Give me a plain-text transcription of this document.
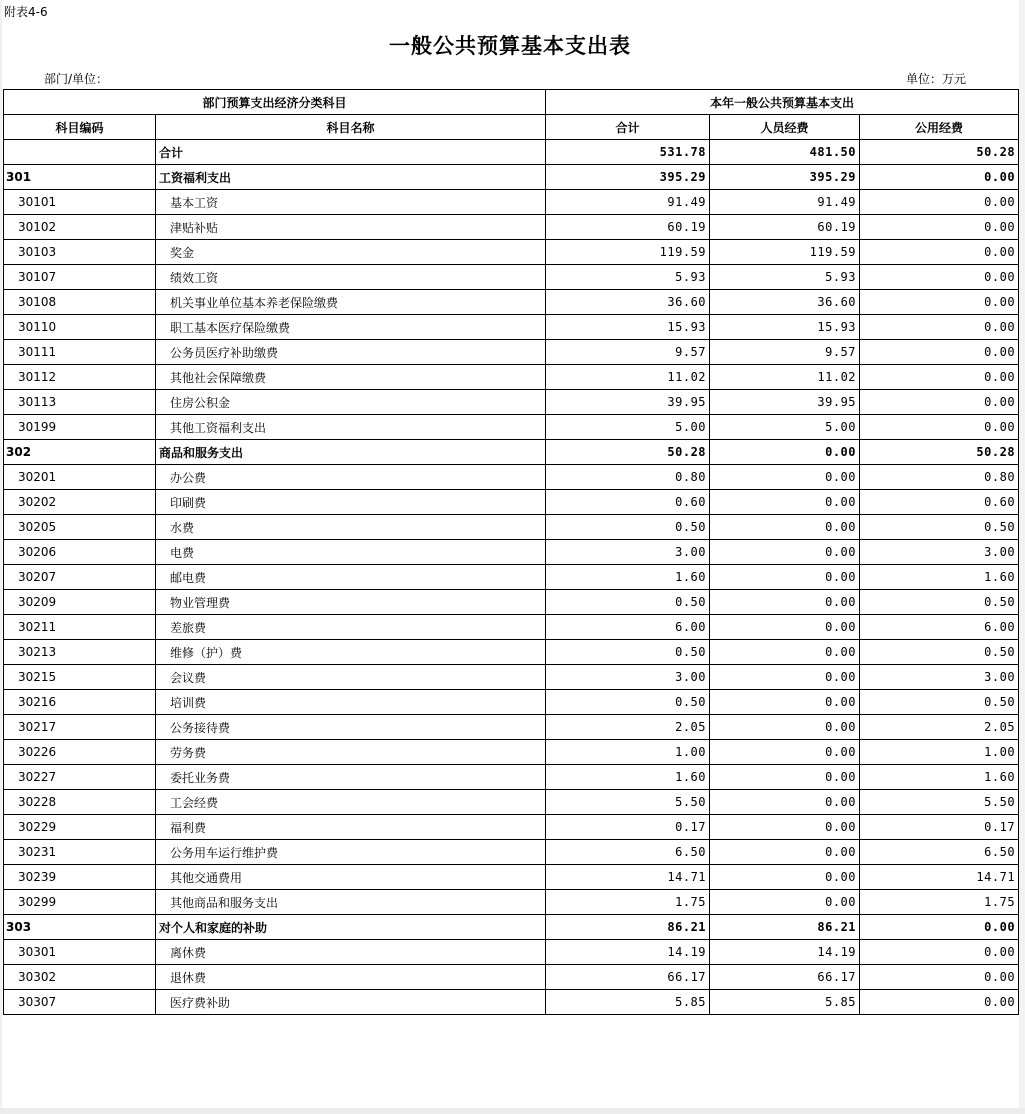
附表4-6
一般公共预算基本支出表
部门/单位：	单位：万元
部门预算支出经济分类科目		本年一般公共预算基本支出		
科目编码	科目名称	合计	人员经费	公用经费
	合计	531.78	481.50	50.28
301	工资福利支出	395.29	395.29	0.00
30101	基本工资	91.49	91.49	0.00
30102	津贴补贴	60.19	60.19	0.00
30103	奖金	119.59	119.59	0.00
30107	绩效工资	5.93	5.93	0.00
30108	机关事业单位基本养老保险缴费	36.60	36.60	0.00
30110	职工基本医疗保险缴费	15.93	15.93	0.00
30111	公务员医疗补助缴费	9.57	9.57	0.00
30112	其他社会保障缴费	11.02	11.02	0.00
30113	住房公积金	39.95	39.95	0.00
30199	其他工资福利支出	5.00	5.00	0.00
302	商品和服务支出	50.28	0.00	50.28
30201	办公费	0.80	0.00	0.80
30202	印刷费	0.60	0.00	0.60
30205	水费	0.50	0.00	0.50
30206	电费	3.00	0.00	3.00
30207	邮电费	1.60	0.00	1.60
30209	物业管理费	0.50	0.00	0.50
30211	差旅费	6.00	0.00	6.00
30213	维修（护）费	0.50	0.00	0.50
30215	会议费	3.00	0.00	3.00
30216	培训费	0.50	0.00	0.50
30217	公务接待费	2.05	0.00	2.05
30226	劳务费	1.00	0.00	1.00
30227	委托业务费	1.60	0.00	1.60
30228	工会经费	5.50	0.00	5.50
30229	福利费	0.17	0.00	0.17
30231	公务用车运行维护费	6.50	0.00	6.50
30239	其他交通费用	14.71	0.00	14.71
30299	其他商品和服务支出	1.75	0.00	1.75
303	对个人和家庭的补助	86.21	86.21	0.00
30301	离休费	14.19	14.19	0.00
30302	退休费	66.17	66.17	0.00
30307	医疗费补助	5.85	5.85	0.00
